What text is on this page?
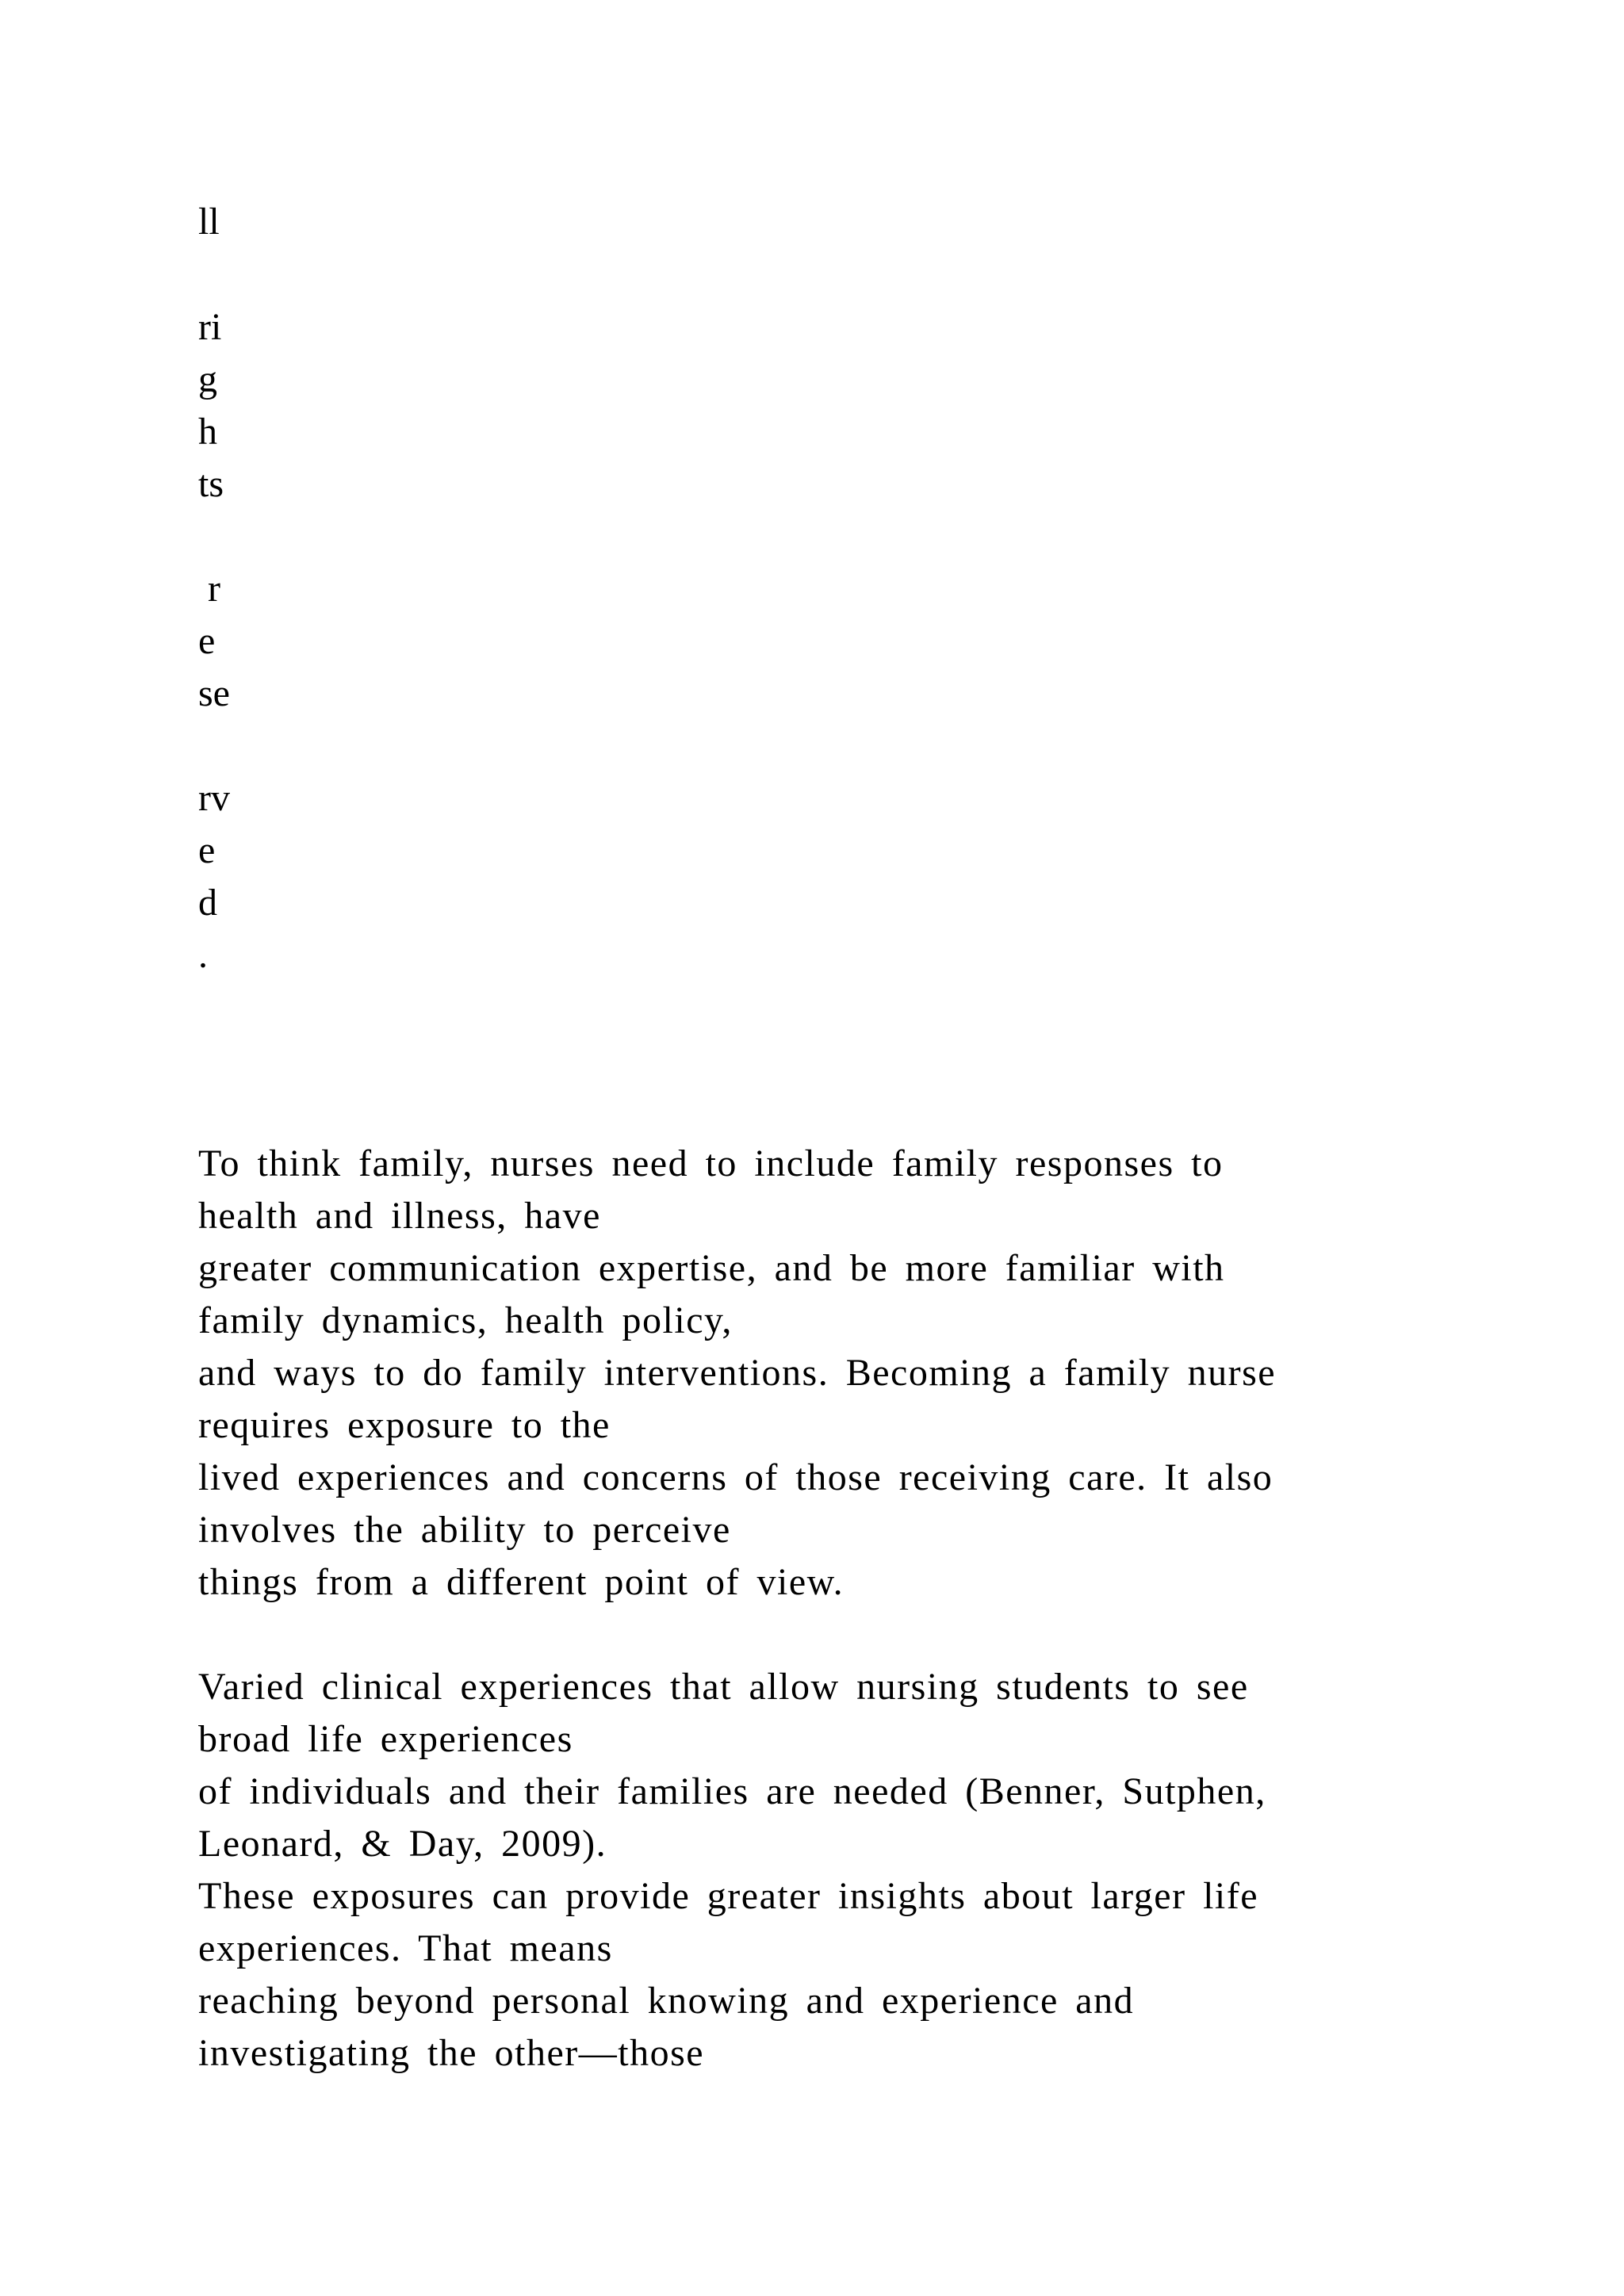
ll
ri
g
h
ts
r
e
se
rv
e
d
.
To think family, nurses need to include family responses to
health and illness, have
greater communication expertise, and be more familiar with
family dynamics, health policy,
and ways to do family interventions. Becoming a family nurse
requires exposure to the
lived experiences and concerns of those receiving care. It also
involves the ability to perceive
things from a different point of view.
Varied clinical experiences that allow nursing students to see
broad life experiences
of individuals and their families are needed (Benner, Sutphen,
Leonard, & Day, 2009).
These exposures can provide greater insights about larger life
experiences. That means
reaching beyond personal knowing and experience and
investigating the other—those
